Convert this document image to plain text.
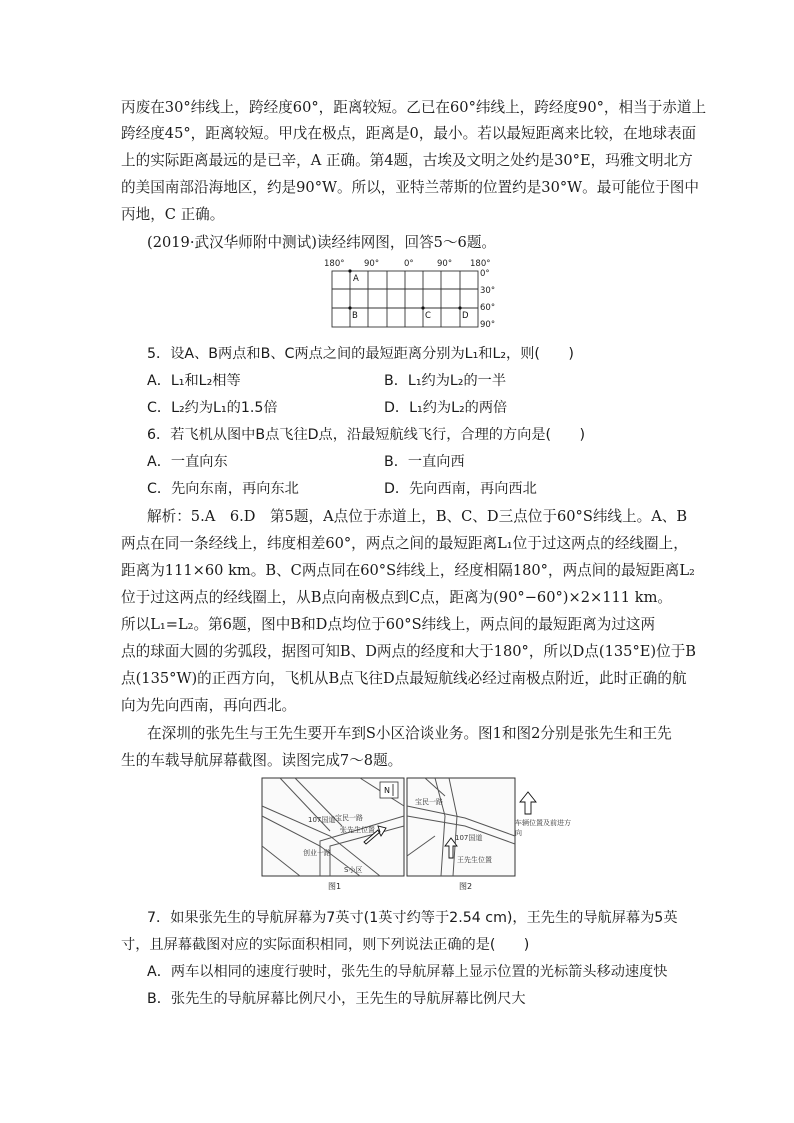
丙废在30°纬线上，跨经度60°，距离较短。乙已在60°纬线上，跨经度90°，相当于赤道上
跨经度45°，距离较短。甲戊在极点，距离是0，最小。若以最短距离来比较，在地球表面
上的实际距离最远的是已辛，A 正确。第4题，古埃及文明之处约是30°E，玛雅文明北方
的美国南部沿海地区，约是90°W。所以，亚特兰蒂斯的位置约是30°W。最可能位于图中
丙地，C 正确。
(2019·武汉华师附中测试)读经纬网图，回答5～6题。
180° 90°	0°	90° 180°
0°
30°
60°
90°
A
B	C	D
5．设A、B两点和B、C两点之间的最短距离分别为L₁和L₂，则(　　)
A．L₁和L₂相等	B．L₁约为L₂的一半
C．L₂约为L₁的1.5倍	D．L₁约为L₂的两倍
6．若飞机从图中B点飞往D点，沿最短航线飞行，合理的方向是(　　)
A．一直向东	B．一直向西
C．先向东南，再向东北	D．先向西南，再向西北
解析：5.A　6.D　第5题，A点位于赤道上，B、C、D三点位于60°S纬线上。A、B
两点在同一条经线上，纬度相差60°，两点之间的最短距离L₁位于过这两点的经线圈上，
距离为111×60 km。B、C两点同在60°S纬线上，经度相隔180°，两点间的最短距离L₂
位于过这两点的经线圈上，从B点向南极点到C点，距离为(90°−60°)×2×111 km。
所以L₁=L₂。第6题，图中B和D点均位于60°S纬线上，两点间的最短距离为过这两
点的球面大圆的劣弧段，据图可知B、D两点的经度和大于180°，所以D点(135°E)位于B
点(135°W)的正西方向，飞机从B点飞往D点最短航线必经过南极点附近，此时正确的航
向为先向西南，再向西北。
在深圳的张先生与王先生要开车到S小区洽谈业务。图1和图2分别是张先生和王先
生的车载导航屏幕截图。读图完成7～8题。
N
107国道 宝民一路
创业一路
张先生位置
S小区
图1
宝民一路
107国道
王先生位置
车辆位置及前进方向
图2
7．如果张先生的导航屏幕为7英寸(1英寸约等于2.54 cm)，王先生的导航屏幕为5英
寸，且屏幕截图对应的实际面积相同，则下列说法正确的是(　　)
A．两车以相同的速度行驶时，张先生的导航屏幕上显示位置的光标箭头移动速度快
B．张先生的导航屏幕比例尺小，王先生的导航屏幕比例尺大
